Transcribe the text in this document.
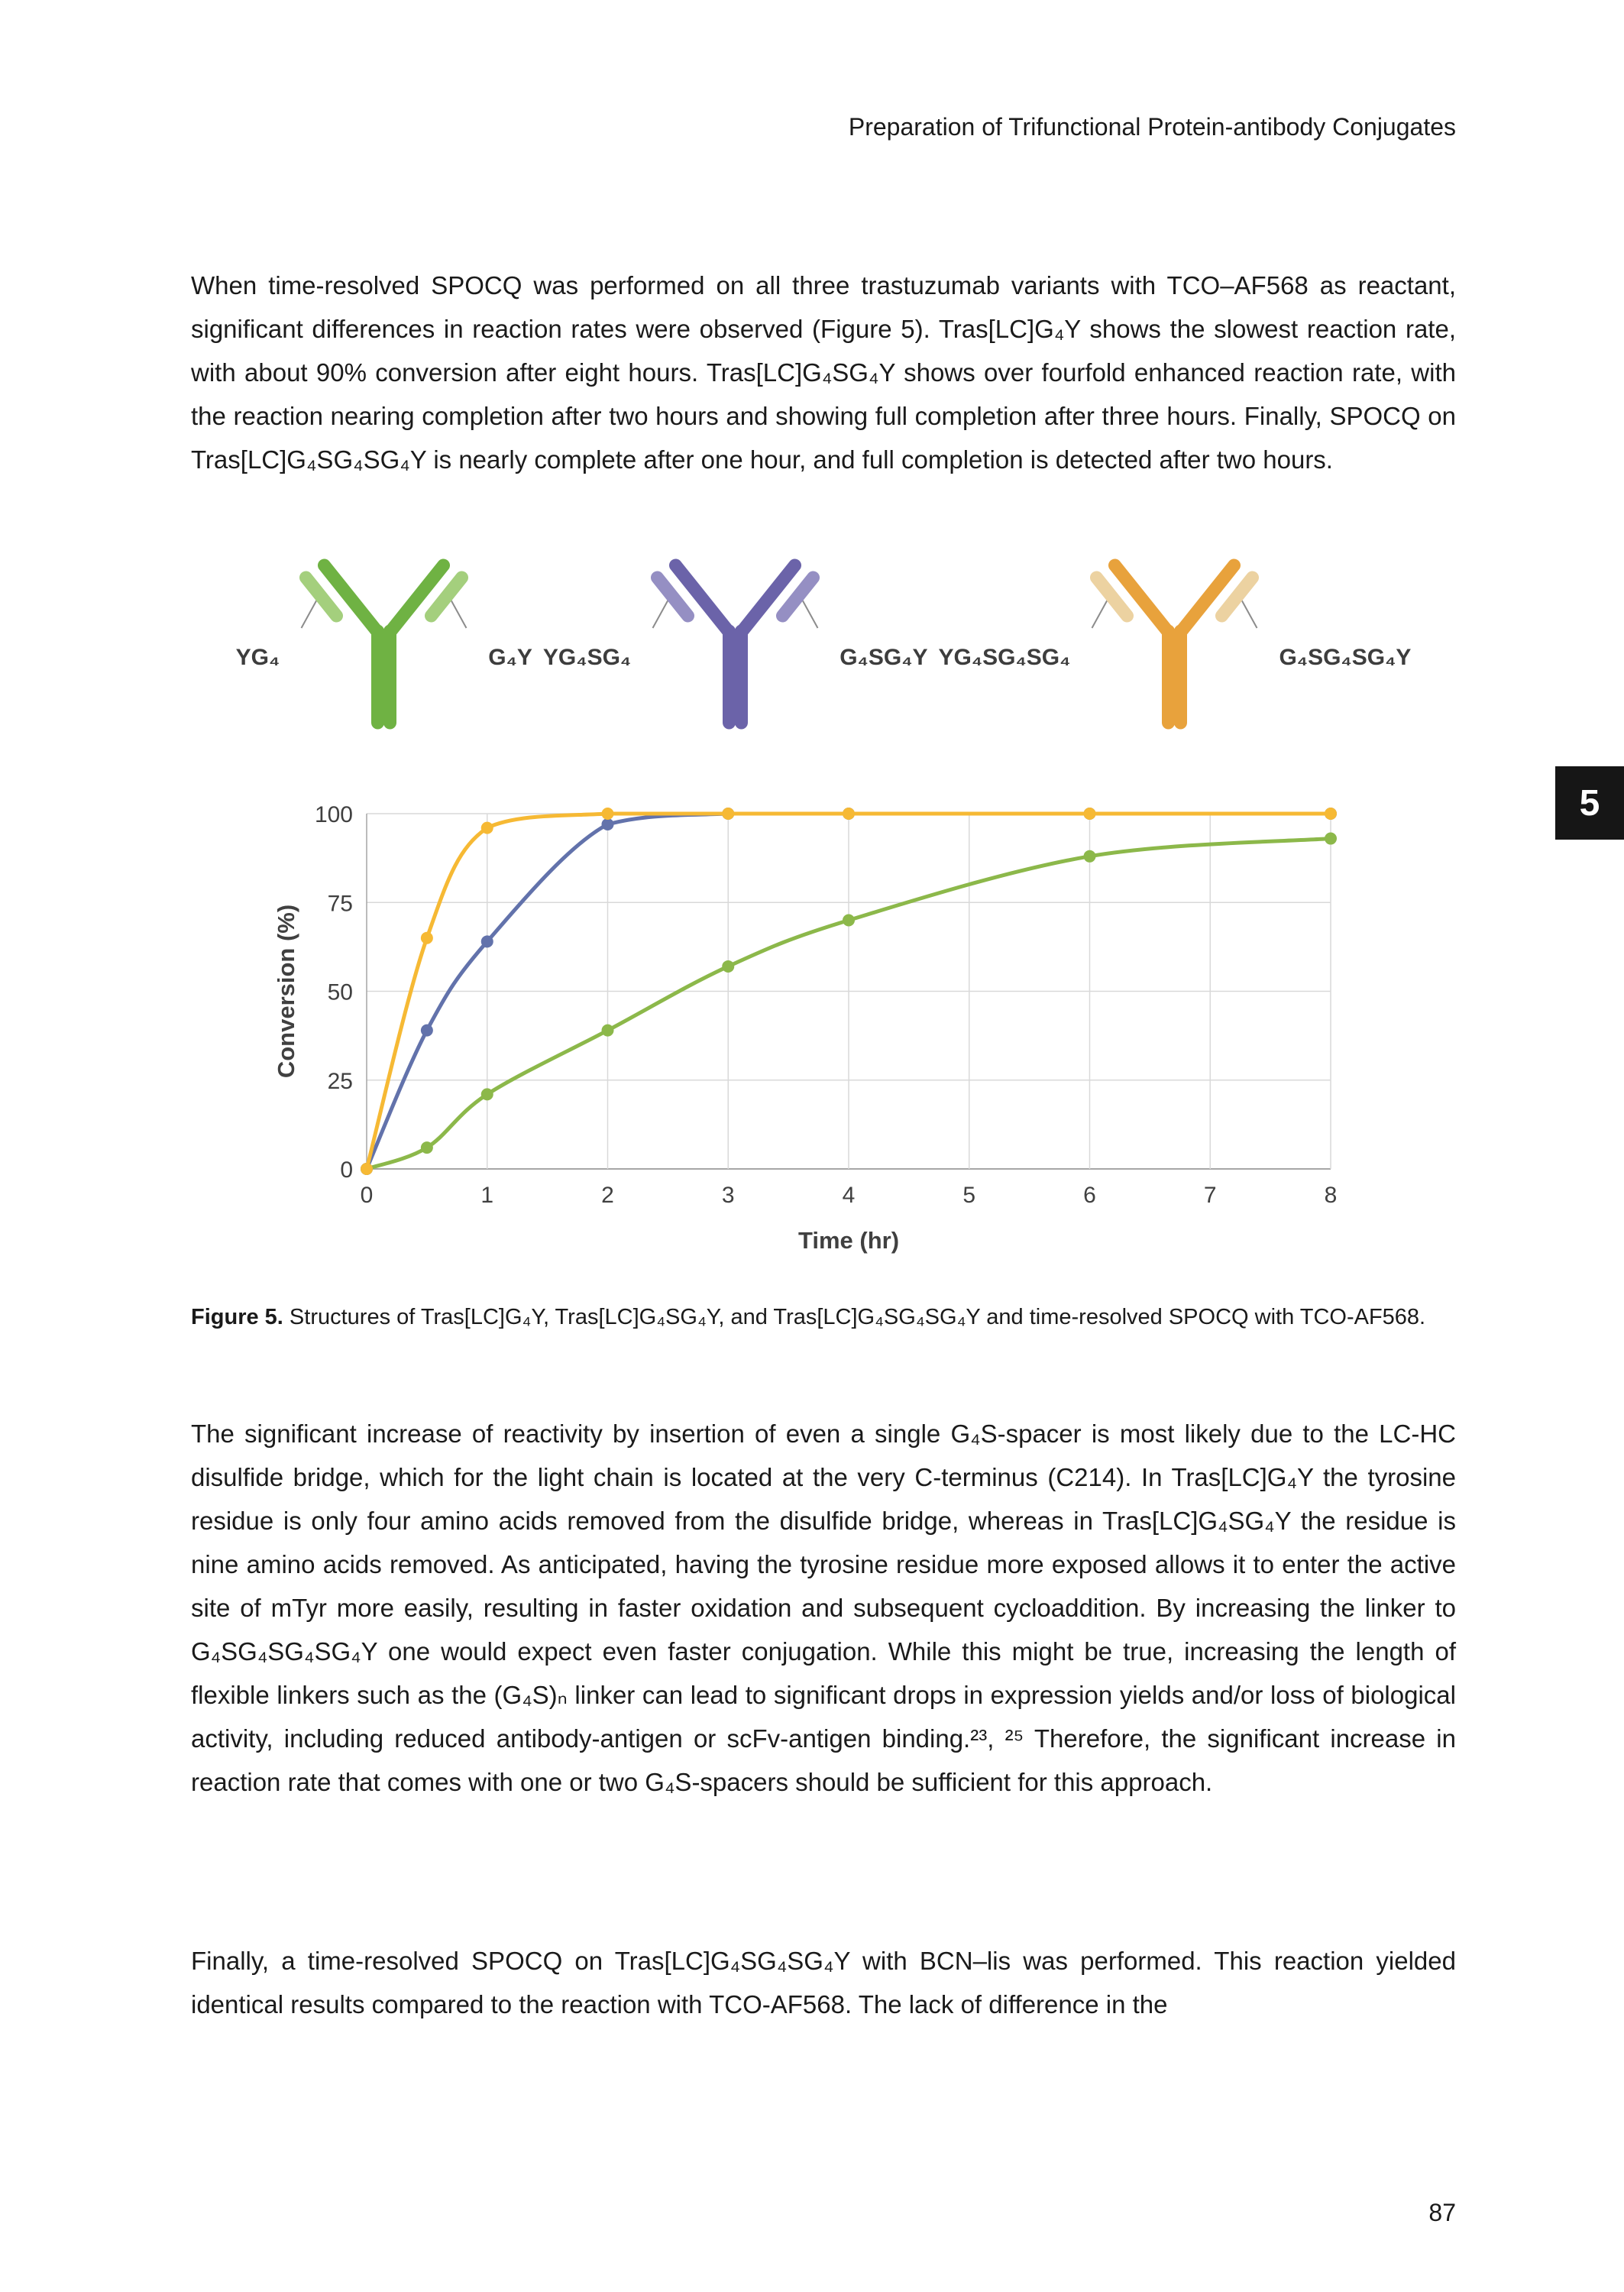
Preparation of Trifunctional Protein-antibody Conjugates
5

When time-resolved SPOCQ was performed on all three trastuzumab variants with TCO–AF568 as reactant, significant differences in reaction rates were observed (Figure 5). Tras[LC]G₄Y shows the slowest reaction rate, with about 90% conversion after eight hours. Tras[LC]G₄SG₄Y shows over fourfold enhanced reaction rate, with the reaction nearing completion after two hours and showing full completion after three hours. Finally, SPOCQ on Tras[LC]G₄SG₄SG₄Y is nearly complete after one hour, and full completion is detected after two hours.

YG₄	G₄Y YG₄SG₄	G₄SG₄Y YG₄SG₄SG₄	G₄SG₄SG₄Y
0
25
50
75
100
0	1	2	3	4	5	6	7	8
Time (hr)
Conversion (%)

Figure 5. Structures of Tras[LC]G₄Y, Tras[LC]G₄SG₄Y, and Tras[LC]G₄SG₄SG₄Y and time-resolved SPOCQ with TCO-AF568.

The significant increase of reactivity by insertion of even a single G₄S-spacer is most likely due to the LC-HC disulfide bridge, which for the light chain is located at the very C-terminus (C214). In Tras[LC]G₄Y the tyrosine residue is only four amino acids removed from the disulfide bridge, whereas in Tras[LC]G₄SG₄Y the residue is nine amino acids removed. As anticipated, having the tyrosine residue more exposed allows it to enter the active site of mTyr more easily, resulting in faster oxidation and subsequent cycloaddition. By increasing the linker to G₄SG₄SG₄SG₄Y one would expect even faster conjugation. While this might be true, increasing the length of flexible linkers such as the (G₄S)ₙ linker can lead to significant drops in expression yields and/or loss of biological activity, including reduced antibody-antigen or scFv-antigen binding.²³, ²⁵ Therefore, the significant increase in reaction rate that comes with one or two G₄S-spacers should be sufficient for this approach.

Finally, a time-resolved SPOCQ on Tras[LC]G₄SG₄SG₄Y with BCN–lis was performed. This reaction yielded identical results compared to the reaction with TCO-AF568. The lack of difference in the

87
